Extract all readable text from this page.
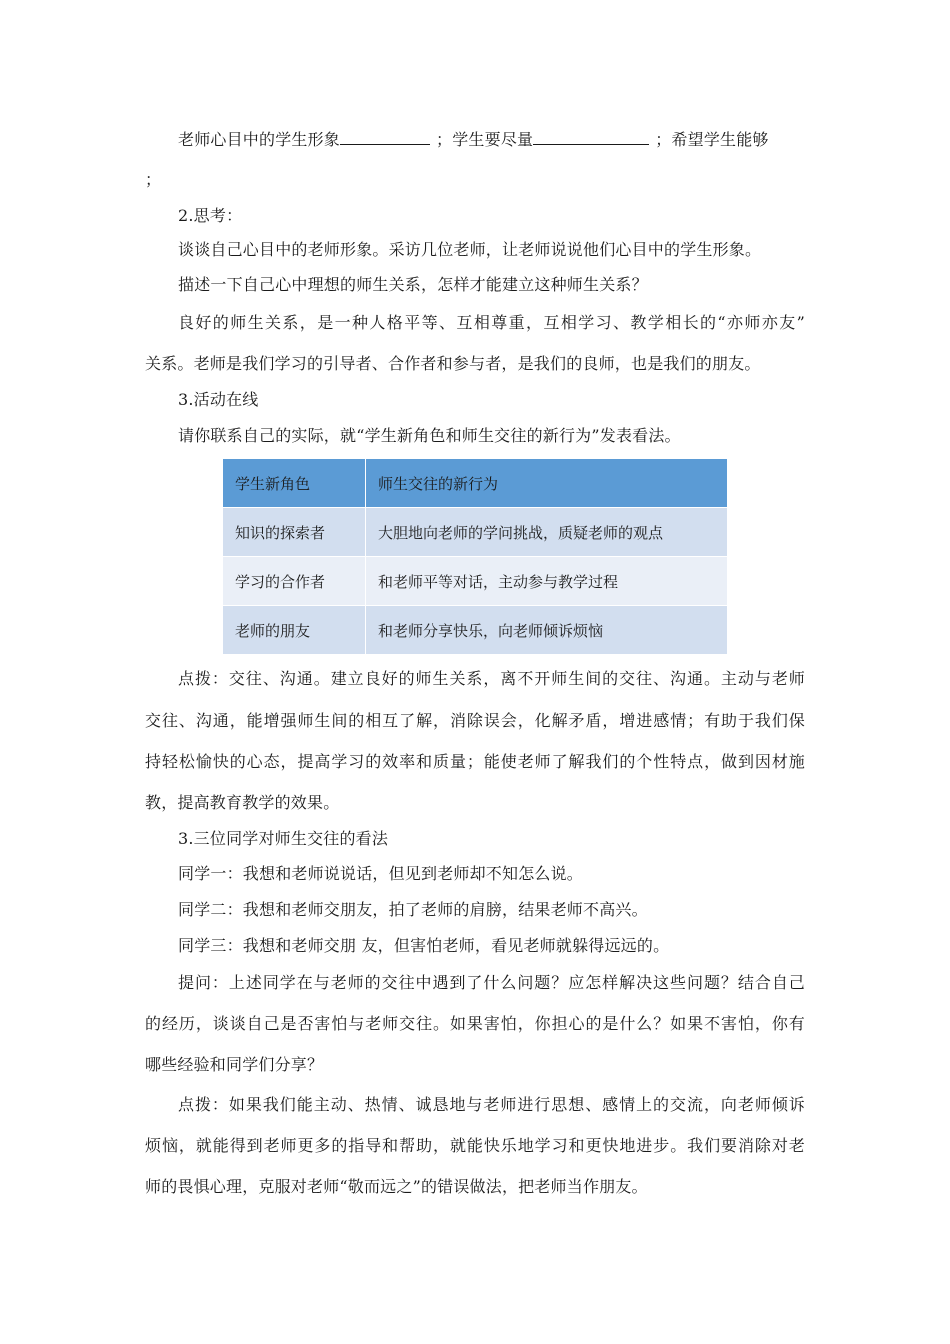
老师心目中的学生形象	；学生要尽量	；希望学生能够
；
2.思考：
谈谈自己心目中的老师形象。采访几位老师，让老师说说他们心目中的学生形象。
描述一下自己心中理想的师生关系，怎样才能建立这种师生关系？
良好的师生关系，是一种人格平等、互相尊重，互相学习、教学相长的“亦师亦友”
关系。老师是我们学习的引导者、合作者和参与者，是我们的良师，也是我们的朋友。
3.活动在线
请你联系自己的实际，就“学生新角色和师生交往的新行为”发表看法。
学生新角色	师生交往的新行为
知识的探索者	大胆地向老师的学问挑战，质疑老师的观点
学习的合作者	和老师平等对话，主动参与教学过程
老师的朋友	和老师分享快乐，向老师倾诉烦恼
点拨：交往、沟通。建立良好的师生关系，离不开师生间的交往、沟通。主动与老师
交往、沟通，能增强师生间的相互了解，消除误会，化解矛盾，增进感情；有助于我们保
持轻松愉快的心态，提高学习的效率和质量；能使老师了解我们的个性特点，做到因材施
教，提高教育教学的效果。
3.三位同学对师生交往的看法
同学一：我想和老师说说话，但见到老师却不知怎么说。
同学二：我想和老师交朋友，拍了老师的肩膀，结果老师不高兴。
同学三：我想和老师交朋 友，但害怕老师，看见老师就躲得远远的。
提问：上述同学在与老师的交往中遇到了什么问题？应怎样解决这些问题？结合自己
的经历，谈谈自己是否害怕与老师交往。如果害怕，你担心的是什么？如果不害怕，你有
哪些经验和同学们分享？
点拨：如果我们能主动、热情、诚恳地与老师进行思想、感情上的交流，向老师倾诉
烦恼，就能得到老师更多的指导和帮助，就能快乐地学习和更快地进步。我们要消除对老
师的畏惧心理，克服对老师“敬而远之”的错误做法，把老师当作朋友。
